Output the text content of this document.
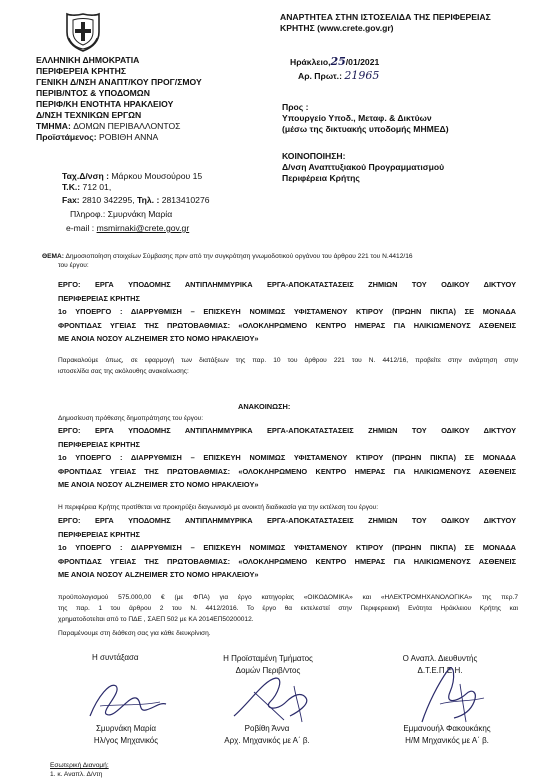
ΕΛΛΗΝΙΚΗ ΔΗΜΟΚΡΑΤΙΑ
ΠΕΡΙΦΕΡΕΙΑ ΚΡΗΤΗΣ
ΓΕΝΙΚΗ Δ/ΝΣΗ ΑΝΑΠΤ/ΚΟΥ ΠΡΟΓ/ΣΜΟΥ
ΠΕΡΙΒ/ΝΤΟΣ & ΥΠΟΔΟΜΩΝ
ΠΕΡΙΦ/ΚΗ ΕΝΟΤΗΤΑ ΗΡΑΚΛΕΙΟΥ
Δ/ΝΣΗ ΤΕΧΝΙΚΩΝ ΕΡΓΩΝ
ΤΜΗΜΑ: ΔΟΜΩΝ ΠΕΡΙΒΑΛΛΟΝΤΟΣ
Προϊστάμενος: ΡΟΒΙΘΗ ΑΝΝΑ
Ταχ.Δ/νση : Μάρκου Μουσούρου 15
Τ.Κ.: 712 01,
Fax: 2810 342295, Τηλ. : 2813410276
Πληροφ.: Σμυρνάκη Μαρία
e-mail : msmirnaki@crete.gov.gr
ΑΝΑΡΤΗΤΕΑ ΣΤΗΝ ΙΣΤΟΣΕΛΙΔΑ ΤΗΣ ΠΕΡΙΦΕΡΕΙΑΣ
ΚΡΗΤΗΣ (www.crete.gov.gr)
Ηράκλειο,25/01/2021
Αρ. Πρωτ.: 21965
Προς :
Υπουργείο Υποδ., Μεταφ. & Δικτύων
(μέσω της δικτυακής υποδομής ΜΗΜΕΔ)
ΚΟΙΝΟΠΟΙΗΣΗ:
Δ/νση Αναπτυξιακού Προγραμματισμού
Περιφέρεια Κρήτης
ΘΕΜΑ: Δημοσιοποίηση στοιχείων Σύμβασης πριν από την συγκρότηση γνωμοδοτικού οργάνου του άρθρου 221 του Ν.4412/16
του έργου:
ΕΡΓΟ: ΕΡΓΑ ΥΠΟΔΟΜΗΣ ΑΝΤΙΠΛΗΜΜΥΡΙΚΑ ΕΡΓΑ-ΑΠΟΚΑΤΑΣΤΑΣΕΙΣ ΖΗΜΙΩΝ ΤΟΥ ΟΔΙΚΟΥ ΔΙΚΤΥΟΥ
ΠΕΡΙΦΕΡΕΙΑΣ ΚΡΗΤΗΣ
1ο ΥΠΟΕΡΓΟ : ΔΙΑΡΡΥΘΜΙΣΗ – ΕΠΙΣΚΕΥΗ ΝΟΜΙΜΩΣ ΥΦΙΣΤΑΜΕΝΟΥ ΚΤΙΡΟΥ (ΠΡΩΗΝ ΠΙΚΠΑ) ΣΕ ΜΟΝΑΔΑ
ΦΡΟΝΤΙΔΑΣ ΥΓΕΙΑΣ ΤΗΣ ΠΡΩΤΟΒΑΘΜΙΑΣ: «ΟΛΟΚΛΗΡΩΜΕΝΟ ΚΕΝΤΡΟ ΗΜΕΡΑΣ ΓΙΑ ΗΛΙΚΙΩΜΕΝΟΥΣ ΑΣΘΕΝΕΙΣ
ΜΕ ΑΝΟΙΑ ΝΟΣΟΥ ALZHEIMER ΣΤΟ ΝΟΜΟ ΗΡΑΚΛΕΙΟΥ»
Παρακαλούμε όπως, σε εφαρμογή των διατάξεων της παρ. 10 του άρθρου 221 του Ν. 4412/16, προβείτε στην ανάρτηση στην
ιστοσελίδα σας της ακόλουθης ανακοίνωσης:
ΑΝΑΚΟΙΝΩΣΗ:
Δημοσίευση πρόθεσης δημοπράτησης του έργου:
ΕΡΓΟ: ΕΡΓΑ ΥΠΟΔΟΜΗΣ ΑΝΤΙΠΛΗΜΜΥΡΙΚΑ ΕΡΓΑ-ΑΠΟΚΑΤΑΣΤΑΣΕΙΣ ΖΗΜΙΩΝ ΤΟΥ ΟΔΙΚΟΥ ΔΙΚΤΥΟΥ
ΠΕΡΙΦΕΡΕΙΑΣ ΚΡΗΤΗΣ
1ο ΥΠΟΕΡΓΟ : ΔΙΑΡΡΥΘΜΙΣΗ – ΕΠΙΣΚΕΥΗ ΝΟΜΙΜΩΣ ΥΦΙΣΤΑΜΕΝΟΥ ΚΤΙΡΟΥ (ΠΡΩΗΝ ΠΙΚΠΑ) ΣΕ ΜΟΝΑΔΑ
ΦΡΟΝΤΙΔΑΣ ΥΓΕΙΑΣ ΤΗΣ ΠΡΩΤΟΒΑΘΜΙΑΣ: «ΟΛΟΚΛΗΡΩΜΕΝΟ ΚΕΝΤΡΟ ΗΜΕΡΑΣ ΓΙΑ ΗΛΙΚΙΩΜΕΝΟΥΣ ΑΣΘΕΝΕΙΣ
ΜΕ ΑΝΟΙΑ ΝΟΣΟΥ ALZHEIMER ΣΤΟ ΝΟΜΟ ΗΡΑΚΛΕΙΟΥ»
Η περιφέρεια Κρήτης προτίθεται να προκηρύξει διαγωνισμό με ανοικτή διαδικασία για την εκτέλεση του έργου:
ΕΡΓΟ: ΕΡΓΑ ΥΠΟΔΟΜΗΣ ΑΝΤΙΠΛΗΜΜΥΡΙΚΑ ΕΡΓΑ-ΑΠΟΚΑΤΑΣΤΑΣΕΙΣ ΖΗΜΙΩΝ ΤΟΥ ΟΔΙΚΟΥ ΔΙΚΤΥΟΥ
ΠΕΡΙΦΕΡΕΙΑΣ ΚΡΗΤΗΣ
1ο ΥΠΟΕΡΓΟ : ΔΙΑΡΡΥΘΜΙΣΗ – ΕΠΙΣΚΕΥΗ ΝΟΜΙΜΩΣ ΥΦΙΣΤΑΜΕΝΟΥ ΚΤΙΡΟΥ (ΠΡΩΗΝ ΠΙΚΠΑ) ΣΕ ΜΟΝΑΔΑ
ΦΡΟΝΤΙΔΑΣ ΥΓΕΙΑΣ ΤΗΣ ΠΡΩΤΟΒΑΘΜΙΑΣ: «ΟΛΟΚΛΗΡΩΜΕΝΟ ΚΕΝΤΡΟ ΗΜΕΡΑΣ ΓΙΑ ΗΛΙΚΙΩΜΕΝΟΥΣ ΑΣΘΕΝΕΙΣ
ΜΕ ΑΝΟΙΑ ΝΟΣΟΥ ALZHEIMER ΣΤΟ ΝΟΜΟ ΗΡΑΚΛΕΙΟΥ»
προϋπολογισμού 575.000,00 € (με ΦΠΑ) για έργο κατηγορίας «ΟΙΚΟΔΟΜΙΚΑ» και «ΗΛΕΚΤΡΟΜΗΧΑΝΟΛΟΓΙΚΑ» της περ.7
της παρ. 1 του άρθρου 2 του Ν. 4412/2016. Το έργο θα εκτελεστεί στην Περιφερειακή Ενότητα Ηράκλειου Κρήτης και
χρηματοδοτείται από το ΠΔΕ , ΣΑΕΠ 502 με ΚΑ 2014ΕΠ50200012.
Παραμένουμε στη διάθεση σας για κάθε διευκρίνιση.
Η συντάξασα	Η Προϊσταμένη Τμήματος
Δομών Περιβ/ντος
Ο Αναπλ. Διευθυντής
Δ.Τ.Ε.Π.Ε.Η.
Σμυρνάκη Μαρία
Ηλ/γος Μηχανικός
Ροβίθη Άννα
Αρχ. Μηχανικός με Α΄ β.
Εμμανουήλ Φακουκάκης
Η/Μ Μηχανικός με Α΄ β.
Εσωτερική Διανομή:
1. κ. Αναπλ. Δ/ντη
